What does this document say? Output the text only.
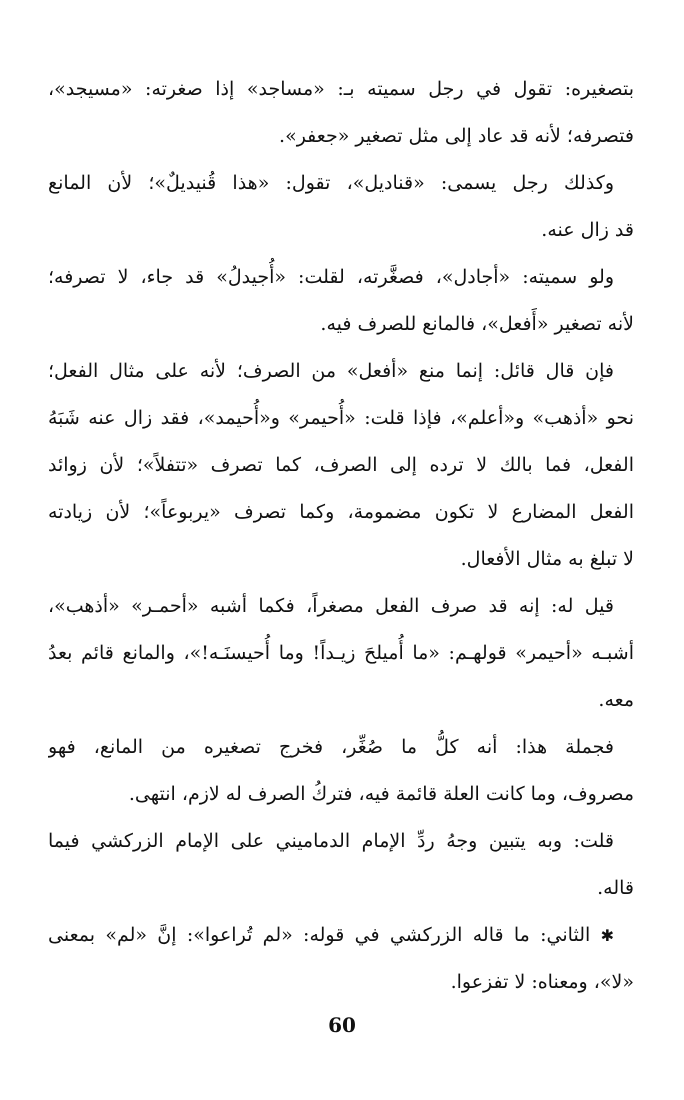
بتصغيره: تقول في رجل سميته بـ: «مساجد» إذا صغرته: «مسيجد»،
فتصرفه؛ لأنه قد عاد إلى مثل تصغير «جعفر».
وكذلك رجل يسمى: «قناديل»، تقول: «هذا قُنيديلٌ»؛ لأن المانع
قد زال عنه.
ولو سميته: «أجادل»، فصغَّرته، لقلت: «أُجيدلُ» قد جاء، لا تصرفه؛
لأنه تصغير «أَفعل»، فالمانع للصرف فيه.
فإن قال قائل: إنما منع «أفعل» من الصرف؛ لأنه على مثال الفعل؛
نحو «أذهب» و«أعلم»، فإذا قلت: «أُحيمر» و«أُحيمد»، فقد زال عنه شَبَهُ
الفعل، فما بالك لا ترده إلى الصرف، كما تصرف «تتفلاً»؛ لأن زوائد
الفعل المضارع لا تكون مضمومة، وكما تصرف «يربوعاً»؛ لأن زيادته
لا تبلغ به مثال الأفعال.
قيل له: إنه قد صرف الفعل مصغراً، فكما أشبه «أحمـر» «أذهب»،
أشبـه «أحيمر» قولهـم: «ما أُميلحَ زيـداً! وما أُحيسنَـه!»، والمانع قائم بعدُ
معه.
فجملة هذا: أنه كلُّ ما صُغِّر، فخرج تصغيره من المانع، فهو
مصروف، وما كانت العلة قائمة فيه، فتركُ الصرف له لازم، انتهى.
قلت: وبه يتبين وجهُ ردِّ الإمام الدماميني على الإمام الزركشي فيما
قاله.
✱ الثاني: ما قاله الزركشي في قوله: «لم تُراعوا»: إنَّ «لم» بمعنى
«لا»، ومعناه: لا تفزعوا.
60
